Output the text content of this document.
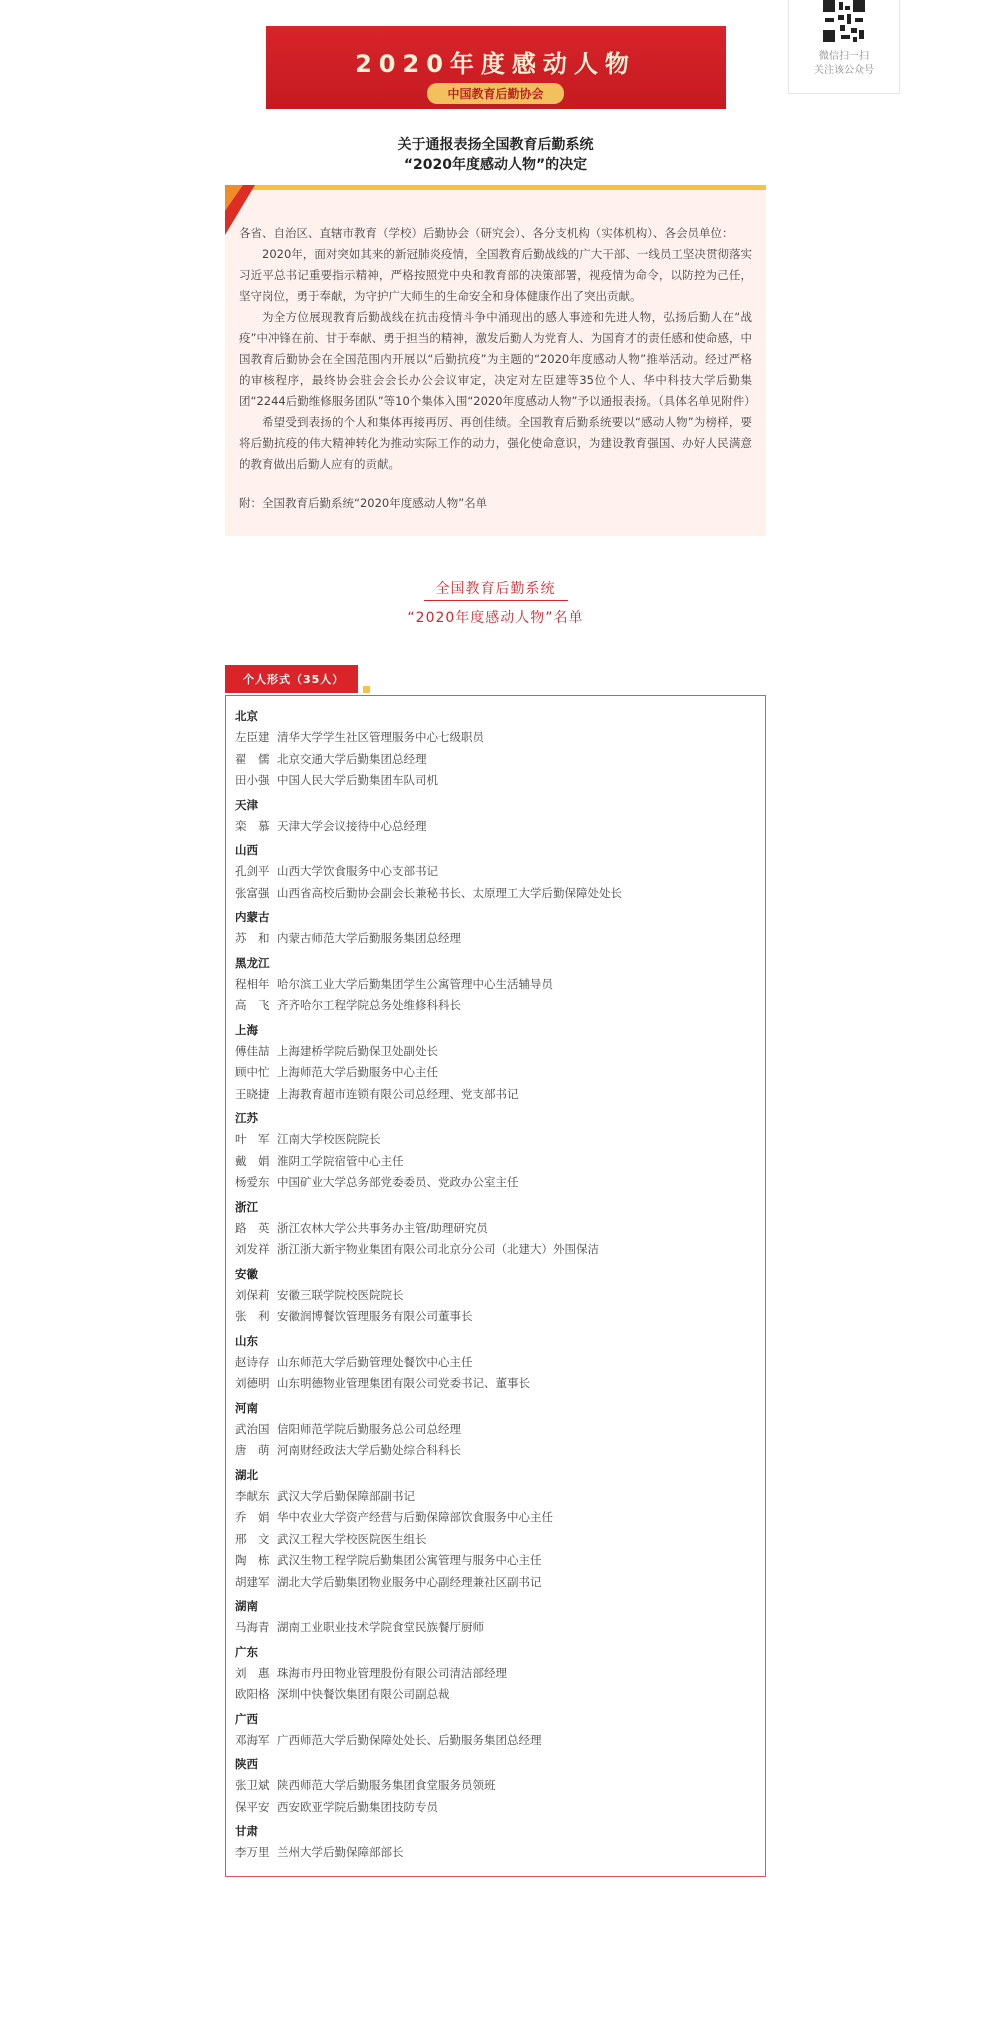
微信扫一扫
关注该公众号
2020年度感动人物
中国教育后勤协会
关于通报表扬全国教育后勤系统
“2020年度感动人物”的决定

各省、自治区、直辖市教育（学校）后勤协会（研究会）、各分支机构（实体机构）、各会员单位：

2020年，面对突如其来的新冠肺炎疫情，全国教育后勤战线的广大干部、一线员工坚决贯彻落实习近平总书记重要指示精神，严格按照党中央和教育部的决策部署，视疫情为命令，以防控为己任，坚守岗位，勇于奉献，为守护广大师生的生命安全和身体健康作出了突出贡献。

为全方位展现教育后勤战线在抗击疫情斗争中涌现出的感人事迹和先进人物，弘扬后勤人在“战疫”中冲锋在前、甘于奉献、勇于担当的精神，激发后勤人为党育人、为国育才的责任感和使命感，中国教育后勤协会在全国范围内开展以“后勤抗疫”为主题的“2020年度感动人物”推举活动。经过严格的审核程序，最终协会驻会会长办公会议审定，决定对左臣建等35位个人、华中科技大学后勤集团“2244后勤维修服务团队”等10个集体入围“2020年度感动人物”予以通报表扬。（具体名单见附件）

希望受到表扬的个人和集体再接再厉、再创佳绩。全国教育后勤系统要以“感动人物”为榜样，要将后勤抗疫的伟大精神转化为推动实际工作的动力，强化使命意识，为建设教育强国、办好人民满意的教育做出后勤人应有的贡献。

附：全国教育后勤系统“2020年度感动人物”名单

全国教育后勤系统
“2020年度感动人物”名单
个人形式（35人）
北京
左臣建 清华大学学生社区管理服务中心七级职员
翟　儒 北京交通大学后勤集团总经理
田小强 中国人民大学后勤集团车队司机
天津
栾　慕 天津大学会议接待中心总经理
山西
孔剑平 山西大学饮食服务中心支部书记
张富强 山西省高校后勤协会副会长兼秘书长、太原理工大学后勤保障处处长
内蒙古
苏　和 内蒙古师范大学后勤服务集团总经理
黑龙江
程相年 哈尔滨工业大学后勤集团学生公寓管理中心生活辅导员
高　飞 齐齐哈尔工程学院总务处维修科科长
上海
傅佳喆 上海建桥学院后勤保卫处副处长
顾中忙 上海师范大学后勤服务中心主任
王晓捷 上海教育超市连锁有限公司总经理、党支部书记
江苏
叶　军 江南大学校医院院长
戴　娟 淮阴工学院宿管中心主任
杨爱东 中国矿业大学总务部党委委员、党政办公室主任
浙江
路　英 浙江农林大学公共事务办主管/助理研究员
刘发祥 浙江浙大新宇物业集团有限公司北京分公司（北建大）外围保洁
安徽
刘保莉 安徽三联学院校医院院长
张　利 安徽润博餐饮管理服务有限公司董事长
山东
赵诗存 山东师范大学后勤管理处餐饮中心主任
刘德明 山东明德物业管理集团有限公司党委书记、董事长
河南
武治国 信阳师范学院后勤服务总公司总经理
唐　萌 河南财经政法大学后勤处综合科科长
湖北
李献东 武汉大学后勤保障部副书记
乔　娟 华中农业大学资产经营与后勤保障部饮食服务中心主任
邢　文 武汉工程大学校医院医生组长
陶　栋 武汉生物工程学院后勤集团公寓管理与服务中心主任
胡建军 湖北大学后勤集团物业服务中心副经理兼社区副书记
湖南
马海青 湖南工业职业技术学院食堂民族餐厅厨师
广东
刘　惠 珠海市丹田物业管理股份有限公司清洁部经理
欧阳格 深圳中快餐饮集团有限公司副总裁
广西
邓海军 广西师范大学后勤保障处处长、后勤服务集团总经理
陕西
张卫斌 陕西师范大学后勤服务集团食堂服务员领班
保平安 西安欧亚学院后勤集团技防专员
甘肃
李万里 兰州大学后勤保障部部长
